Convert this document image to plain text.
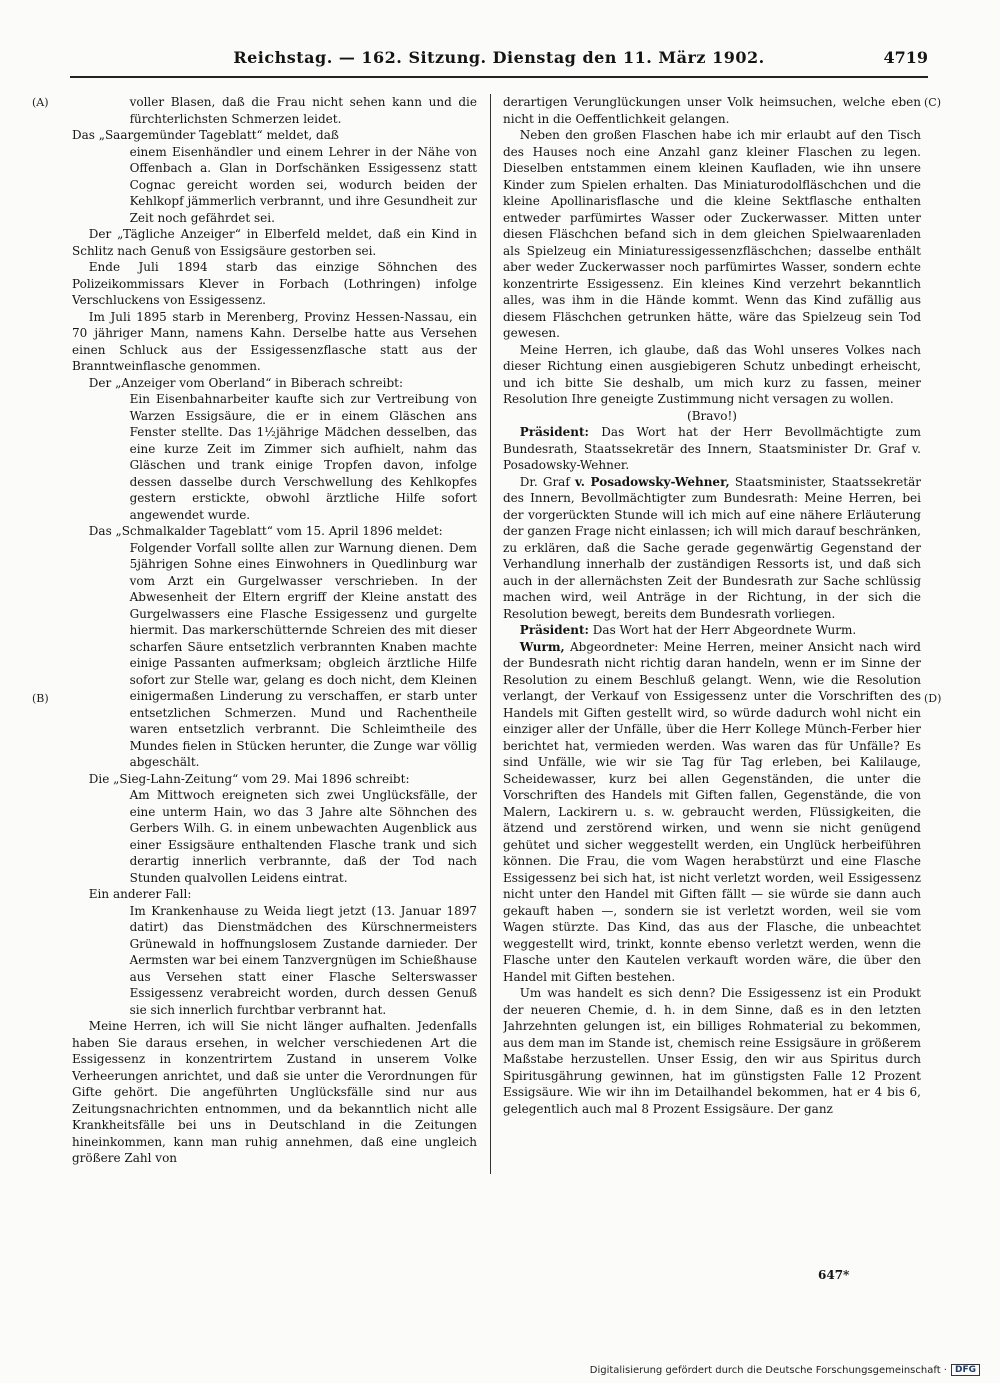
Reichstag. — 162. Sitzung. Dienstag den 11. März 1902.	4719
(A)
(B)
(C)
(D)

voller Blasen, daß die Frau nicht sehen kann und die fürchterlichsten Schmerzen leidet.

Das „Saargemünder Tageblatt“ meldet, daß

einem Eisenhändler und einem Lehrer in der Nähe von Offenbach a. Glan in Dorfschänken Essigessenz statt Cognac gereicht worden sei, wodurch beiden der Kehlkopf jämmerlich verbrannt, und ihre Gesundheit zur Zeit noch gefährdet sei.

Der „Tägliche Anzeiger“ in Elberfeld meldet, daß ein Kind in Schlitz nach Genuß von Essigsäure gestorben sei.

Ende Juli 1894 starb das einzige Söhnchen des Polizeikommissars Klever in Forbach (Lothringen) infolge Verschluckens von Essigessenz.

Im Juli 1895 starb in Merenberg, Provinz Hessen-Nassau, ein 70 jähriger Mann, namens Kahn. Derselbe hatte aus Versehen einen Schluck aus der Essigessenzflasche statt aus der Branntweinflasche genommen.

Der „Anzeiger vom Oberland“ in Biberach schreibt:

Ein Eisenbahnarbeiter kaufte sich zur Vertreibung von Warzen Essigsäure, die er in einem Gläschen ans Fenster stellte. Das 1½jährige Mädchen desselben, das eine kurze Zeit im Zimmer sich aufhielt, nahm das Gläschen und trank einige Tropfen davon, infolge dessen dasselbe durch Verschwellung des Kehlkopfes gestern erstickte, obwohl ärztliche Hilfe sofort angewendet wurde.

Das „Schmalkalder Tageblatt“ vom 15. April 1896 meldet:

Folgender Vorfall sollte allen zur Warnung dienen. Dem 5jährigen Sohne eines Einwohners in Quedlinburg war vom Arzt ein Gurgelwasser verschrieben. In der Abwesenheit der Eltern ergriff der Kleine anstatt des Gurgelwassers eine Flasche Essigessenz und gurgelte hiermit. Das markerschütternde Schreien des mit dieser scharfen Säure entsetzlich verbrannten Knaben machte einige Passanten aufmerksam; obgleich ärztliche Hilfe sofort zur Stelle war, gelang es doch nicht, dem Kleinen einigermaßen Linderung zu verschaffen, er starb unter entsetzlichen Schmerzen. Mund und Rachentheile waren entsetzlich verbrannt. Die Schleimtheile des Mundes fielen in Stücken herunter, die Zunge war völlig abgeschält.

Die „Sieg-Lahn-Zeitung“ vom 29. Mai 1896 schreibt:

Am Mittwoch ereigneten sich zwei Unglücksfälle, der eine unterm Hain, wo das 3 Jahre alte Söhnchen des Gerbers Wilh. G. in einem unbewachten Augenblick aus einer Essigsäure enthaltenden Flasche trank und sich derartig innerlich verbrannte, daß der Tod nach Stunden qualvollen Leidens eintrat.

Ein anderer Fall:

Im Krankenhause zu Weida liegt jetzt (13. Januar 1897 datirt) das Dienstmädchen des Kürschnermeisters Grünewald in hoffnungslosem Zustande darnieder. Der Aermsten war bei einem Tanzvergnügen im Schießhause aus Versehen statt einer Flasche Selterswasser Essigessenz verabreicht worden, durch dessen Genuß sie sich innerlich furchtbar verbrannt hat.

Meine Herren, ich will Sie nicht länger aufhalten. Jedenfalls haben Sie daraus ersehen, in welcher verschiedenen Art die Essigessenz in konzentrirtem Zustand in unserem Volke Verheerungen anrichtet, und daß sie unter die Verordnungen für Gifte gehört. Die angeführten Unglücksfälle sind nur aus Zeitungsnachrichten entnommen, und da bekanntlich nicht alle Krankheitsfälle bei uns in Deutschland in die Zeitungen hineinkommen, kann man ruhig annehmen, daß eine ungleich größere Zahl von

derartigen Verunglückungen unser Volk heimsuchen, welche eben nicht in die Oeffentlichkeit gelangen.

Neben den großen Flaschen habe ich mir erlaubt auf den Tisch des Hauses noch eine Anzahl ganz kleiner Flaschen zu legen. Dieselben entstammen einem kleinen Kaufladen, wie ihn unsere Kinder zum Spielen erhalten. Das Miniaturodolfläschchen und die kleine Apollinarisflasche und die kleine Sektflasche enthalten entweder parfümirtes Wasser oder Zuckerwasser. Mitten unter diesen Fläschchen befand sich in dem gleichen Spielwaarenladen als Spielzeug ein Miniaturessigessenzfläschchen; dasselbe enthält aber weder Zuckerwasser noch parfümirtes Wasser, sondern echte konzentrirte Essigessenz. Ein kleines Kind verzehrt bekanntlich alles, was ihm in die Hände kommt. Wenn das Kind zufällig aus diesem Fläschchen getrunken hätte, wäre das Spielzeug sein Tod gewesen.

Meine Herren, ich glaube, daß das Wohl unseres Volkes nach dieser Richtung einen ausgiebigeren Schutz unbedingt erheischt, und ich bitte Sie deshalb, um mich kurz zu fassen, meiner Resolution Ihre geneigte Zustimmung nicht versagen zu wollen.

(Bravo!)

Präsident: Das Wort hat der Herr Bevollmächtigte zum Bundesrath, Staatssekretär des Innern, Staatsminister Dr. Graf v. Posadowsky-Wehner.

Dr. Graf v. Posadowsky-Wehner, Staatsminister, Staatssekretär des Innern, Bevollmächtigter zum Bundesrath: Meine Herren, bei der vorgerückten Stunde will ich mich auf eine nähere Erläuterung der ganzen Frage nicht einlassen; ich will mich darauf beschränken, zu erklären, daß die Sache gerade gegenwärtig Gegenstand der Verhandlung innerhalb der zuständigen Ressorts ist, und daß sich auch in der allernächsten Zeit der Bundesrath zur Sache schlüssig machen wird, weil Anträge in der Richtung, in der sich die Resolution bewegt, bereits dem Bundesrath vorliegen.

Präsident: Das Wort hat der Herr Abgeordnete Wurm.

Wurm, Abgeordneter: Meine Herren, meiner Ansicht nach wird der Bundesrath nicht richtig daran handeln, wenn er im Sinne der Resolution zu einem Beschluß gelangt. Wenn, wie die Resolution verlangt, der Verkauf von Essigessenz unter die Vorschriften des Handels mit Giften gestellt wird, so würde dadurch wohl nicht ein einziger aller der Unfälle, über die Herr Kollege Münch-Ferber hier berichtet hat, vermieden werden. Was waren das für Unfälle? Es sind Unfälle, wie wir sie Tag für Tag erleben, bei Kalilauge, Scheidewasser, kurz bei allen Gegenständen, die unter die Vorschriften des Handels mit Giften fallen, Gegenstände, die von Malern, Lackirern u. s. w. gebraucht werden, Flüssigkeiten, die ätzend und zerstörend wirken, und wenn sie nicht genügend gehütet und sicher weggestellt werden, ein Unglück herbeiführen können. Die Frau, die vom Wagen herabstürzt und eine Flasche Essigessenz bei sich hat, ist nicht verletzt worden, weil Essigessenz nicht unter den Handel mit Giften fällt — sie würde sie dann auch gekauft haben —, sondern sie ist verletzt worden, weil sie vom Wagen stürzte. Das Kind, das aus der Flasche, die unbeachtet weggestellt wird, trinkt, konnte ebenso verletzt werden, wenn die Flasche unter den Kautelen verkauft worden wäre, die über den Handel mit Giften bestehen.

Um was handelt es sich denn? Die Essigessenz ist ein Produkt der neueren Chemie, d. h. in dem Sinne, daß es in den letzten Jahrzehnten gelungen ist, ein billiges Rohmaterial zu bekommen, aus dem man im Stande ist, chemisch reine Essigsäure in größerem Maßstabe herzustellen. Unser Essig, den wir aus Spiritus durch Spiritusgährung gewinnen, hat im günstigsten Falle 12 Prozent Essigsäure. Wie wir ihn im Detailhandel bekommen, hat er 4 bis 6, gelegentlich auch mal 8 Prozent Essigsäure. Der ganz

647*
Digitalisierung gefördert durch die Deutsche Forschungsgemeinschaft · DFG
